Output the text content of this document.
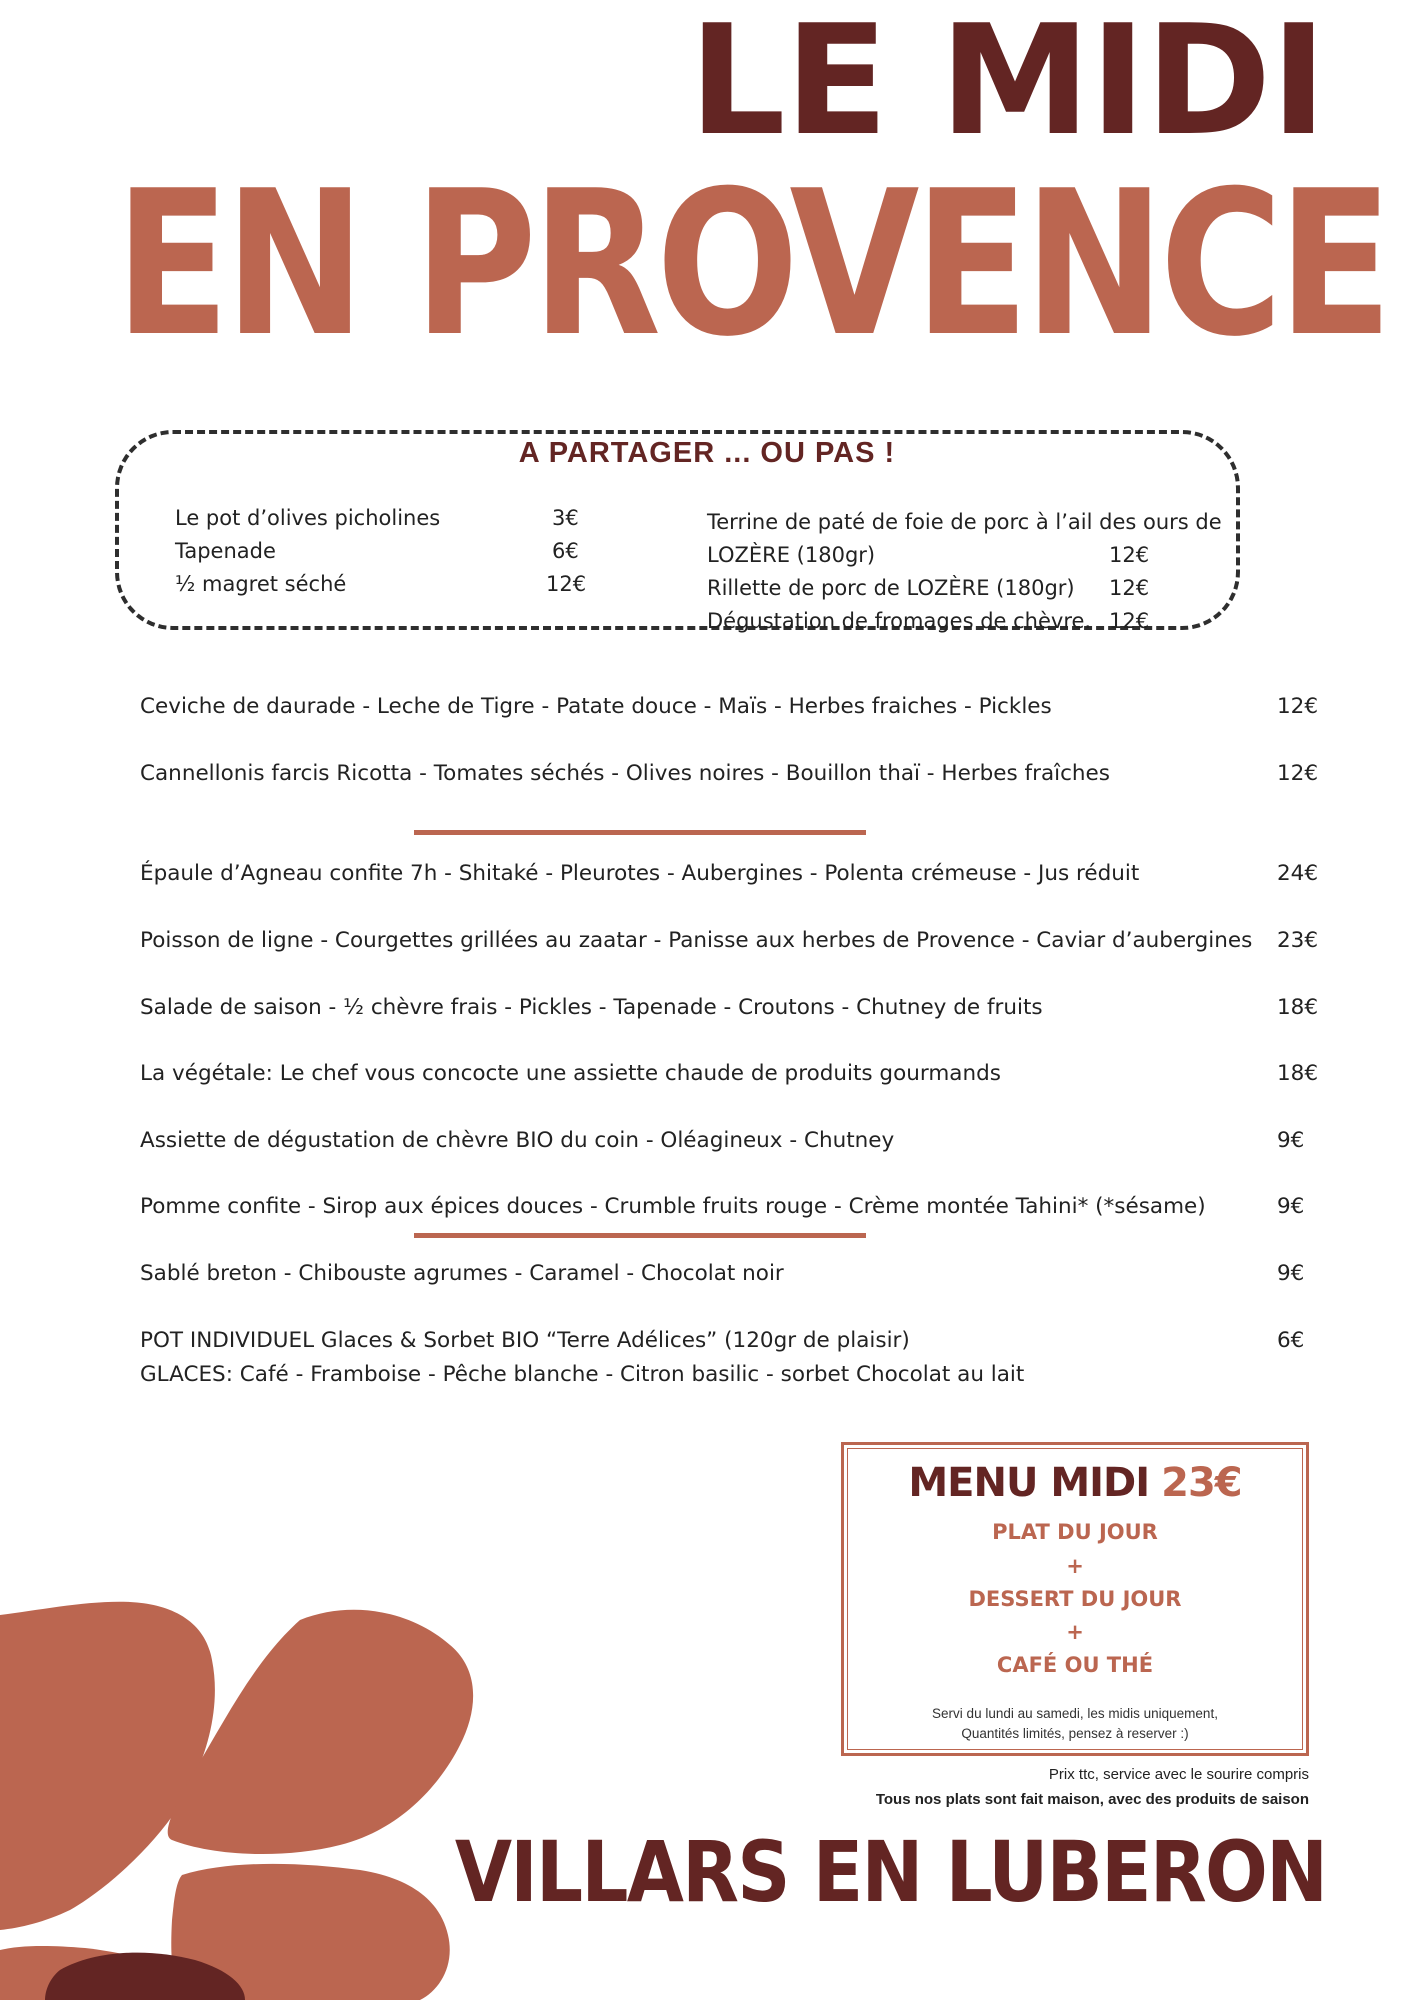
LE MIDI
EN PROVENCE
A PARTAGER ... OU PAS !
Le pot d’olives picholines	3€
Tapenade	6€
½ magret séché	12€
Terrine de paté de foie de porc à l’ail des ours de
LOZÈRE (180gr)	12€
Rillette de porc de LOZÈRE (180gr) 12€
Dégustation de fromages de chèvre. 12€
Ceviche de daurade - Leche de Tigre - Patate douce - Maïs - Herbes fraiches - Pickles	12€
Cannellonis farcis Ricotta - Tomates séchés - Olives noires - Bouillon thaï - Herbes fraîches	12€
Épaule d’Agneau confite 7h - Shitaké - Pleurotes - Aubergines - Polenta crémeuse - Jus réduit	24€
Poisson de ligne - Courgettes grillées au zaatar - Panisse aux herbes de Provence - Caviar d’aubergines 23€
Salade de saison - ½ chèvre frais - Pickles - Tapenade - Croutons - Chutney de fruits	18€
La végétale: Le chef vous concocte une assiette chaude de produits gourmands	18€
Assiette de dégustation de chèvre BIO du coin - Oléagineux - Chutney	9€
Pomme confite - Sirop aux épices douces - Crumble fruits rouge - Crème montée Tahini* (*sésame)	9€
Sablé breton - Chibouste agrumes - Caramel - Chocolat noir	9€
POT INDIVIDUEL Glaces & Sorbet BIO “Terre Adélices” (120gr de plaisir)	6€
GLACES: Café - Framboise - Pêche blanche - Citron basilic - sorbet Chocolat au lait
MENU MIDI 23€
PLAT DU JOUR
+
DESSERT DU JOUR
+
CAFÉ OU THÉ
Servi du lundi au samedi, les midis uniquement,
Quantités limités, pensez à reserver :)
Prix ttc, service avec le sourire compris
Tous nos plats sont fait maison, avec des produits de saison
VILLARS EN LUBERON
